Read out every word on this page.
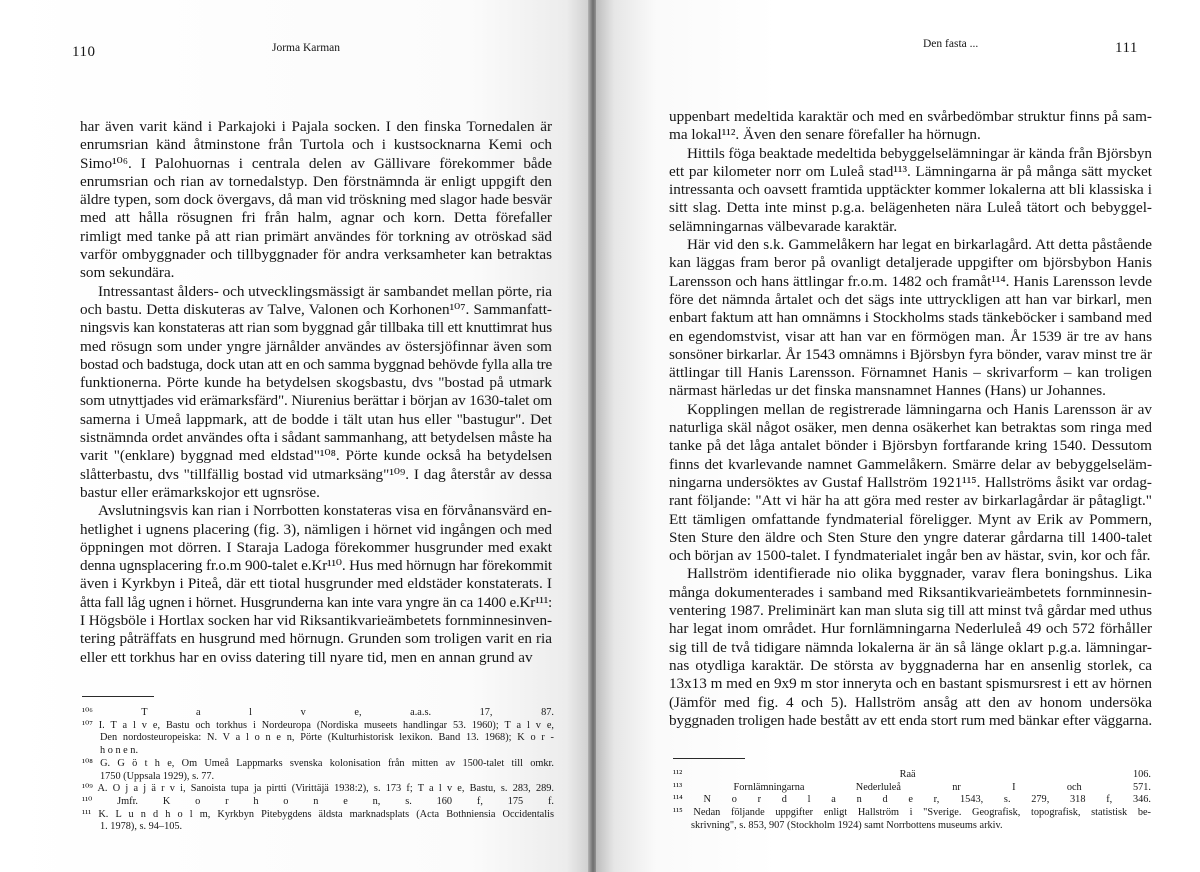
110	Jorma Karman
har även varit känd i Parkajoki i Pajala socken. I den finska Tornedalen är
enrumsrian känd åtminstone från Turtola och i kustsocknarna Kemi och
Simo¹⁰⁶. I Palohuornas i centrala delen av Gällivare förekommer både
enrumsrian och rian av tornedalstyp. Den förstnämnda är enligt uppgift den
äldre typen, som dock övergavs, då man vid tröskning med slagor hade besvär
med att hålla rösugnen fri från halm, agnar och korn. Detta förefaller
rimligt med tanke på att rian primärt användes för torkning av otröskad säd
varför ombyggnader och tillbyggnader för andra verksamheter kan betraktas
som sekundära.
Intressantast ålders- och utvecklingsmässigt är sambandet mellan pörte, ria
och bastu. Detta diskuteras av Talve, Valonen och Korhonen¹⁰⁷. Sammanfatt-
ningsvis kan konstateras att rian som byggnad går tillbaka till ett knuttimrat hus
med rösugn som under yngre järnålder användes av östersjöfinnar även som
bostad och badstuga, dock utan att en och samma byggnad behövde fylla alla tre
funktionerna. Pörte kunde ha betydelsen skogsbastu, dvs "bostad på utmark
som utnyttjades vid erämarksfärd". Niurenius berättar i början av 1630-talet om
samerna i Umeå lappmark, att de bodde i tält utan hus eller "bastugur". Det
sistnämnda ordet användes ofta i sådant sammanhang, att betydelsen måste ha
varit "(enklare) byggnad med eldstad"¹⁰⁸. Pörte kunde också ha betydelsen
slåtterbastu, dvs "tillfällig bostad vid utmarksäng"¹⁰⁹. I dag återstår av dessa
bastur eller erämarkskojor ett ugnsröse.
Avslutningsvis kan rian i Norrbotten konstateras visa en förvånansvärd en-
hetlighet i ugnens placering (fig. 3), nämligen i hörnet vid ingången och med
öppningen mot dörren. I Staraja Ladoga förekommer husgrunder med exakt
denna ugnsplacering fr.o.m 900-talet e.Kr¹¹⁰. Hus med hörnugn har förekommit
även i Kyrkbyn i Piteå, där ett tiotal husgrunder med eldstäder konstaterats. I
åtta fall låg ugnen i hörnet. Husgrunderna kan inte vara yngre än ca 1400 e.Kr¹¹¹:
I Högsböle i Hortlax socken har vid Riksantikvarieämbetets fornminnesinven-
tering påträffats en husgrund med hörnugn. Grunden som troligen varit en ria
eller ett torkhus har en oviss datering till nyare tid, men en annan grund av
¹⁰⁶ T a l v e, a.a.s. 17, 87.
¹⁰⁷ I. T a l v e, Bastu och torkhus i Nordeuropa (Nordiska museets handlingar 53. 1960); T a l v e,
Den nordosteuropeiska: N. V a l o n e n, Pörte (Kulturhistorisk lexikon. Band 13. 1968); K o r -
h o n e n.
¹⁰⁸ G. G ö t h e, Om Umeå Lappmarks svenska kolonisation från mitten av 1500-talet till omkr.
1750 (Uppsala 1929), s. 77.
¹⁰⁹ A. O j a j ä r v i, Sanoista tupa ja pirtti (Virittäjä 1938:2), s. 173 f; T a l v e, Bastu, s. 283, 289.
¹¹⁰ Jmfr. K o r h o n e n, s. 160 f, 175 f.
¹¹¹ K. L u n d h o l m, Kyrkbyn Pitebygdens äldsta marknadsplats (Acta Bothniensia Occidentalis
1. 1978), s. 94–105.
Den fasta ...	111
uppenbart medeltida karaktär och med en svårbedömbar struktur finns på sam-
ma lokal¹¹². Även den senare förefaller ha hörnugn.
Hittils föga beaktade medeltida bebyggelselämningar är kända från Björsbyn
ett par kilometer norr om Luleå stad¹¹³. Lämningarna är på många sätt mycket
intressanta och oavsett framtida upptäckter kommer lokalerna att bli klassiska i
sitt slag. Detta inte minst p.g.a. belägenheten nära Luleå tätort och bebyggel-
selämningarnas välbevarade karaktär.
Här vid den s.k. Gammelåkern har legat en birkarlagård. Att detta påstående
kan läggas fram beror på ovanligt detaljerade uppgifter om björsbybon Hanis
Larensson och hans ättlingar fr.o.m. 1482 och framåt¹¹⁴. Hanis Larensson levde
före det nämnda årtalet och det sägs inte uttryckligen att han var birkarl, men
enbart faktum att han omnämns i Stockholms stads tänkeböcker i samband med
en egendomstvist, visar att han var en förmögen man. År 1539 är tre av hans
sonsöner birkarlar. År 1543 omnämns i Björsbyn fyra bönder, varav minst tre är
ättlingar till Hanis Larensson. Förnamnet Hanis – skrivarform – kan troligen
närmast härledas ur det finska mansnamnet Hannes (Hans) ur Johannes.
Kopplingen mellan de registrerade lämningarna och Hanis Larensson är av
naturliga skäl något osäker, men denna osäkerhet kan betraktas som ringa med
tanke på det låga antalet bönder i Björsbyn fortfarande kring 1540. Dessutom
finns det kvarlevande namnet Gammelåkern. Smärre delar av bebyggelseläm-
ningarna undersöktes av Gustaf Hallström 1921¹¹⁵. Hallströms åsikt var ordag-
rant följande: "Att vi här ha att göra med rester av birkarlagårdar är påtagligt."
Ett tämligen omfattande fyndmaterial föreligger. Mynt av Erik av Pommern,
Sten Sture den äldre och Sten Sture den yngre daterar gårdarna till 1400-talet
och början av 1500-talet. I fyndmaterialet ingår ben av hästar, svin, kor och får.
Hallström identifierade nio olika byggnader, varav flera boningshus. Lika
många dokumenterades i samband med Riksantikvarieämbetets fornminnesin-
ventering 1987. Preliminärt kan man sluta sig till att minst två gårdar med uthus
har legat inom området. Hur fornlämningarna Nederluleå 49 och 572 förhåller
sig till de två tidigare nämnda lokalerna är än så länge oklart p.g.a. lämningar-
nas otydliga karaktär. De största av byggnaderna har en ansenlig storlek, ca
13x13 m med en 9x9 m stor inneryta och en bastant spismursrest i ett av hörnen
(Jämför med fig. 4 och 5). Hallström ansåg att den av honom undersöka
byggnaden troligen hade bestått av ett enda stort rum med bänkar efter väggarna.
¹¹² Raä 106.
¹¹³ Fornlämningarna Nederluleå nr I och 571.
¹¹⁴ N o r d l a n d e r, 1543, s. 279, 318 f, 346.
¹¹⁵ Nedan följande uppgifter enligt Hallström i "Sverige. Geografisk, topografisk, statistisk be-
skrivning", s. 853, 907 (Stockholm 1924) samt Norrbottens museums arkiv.
